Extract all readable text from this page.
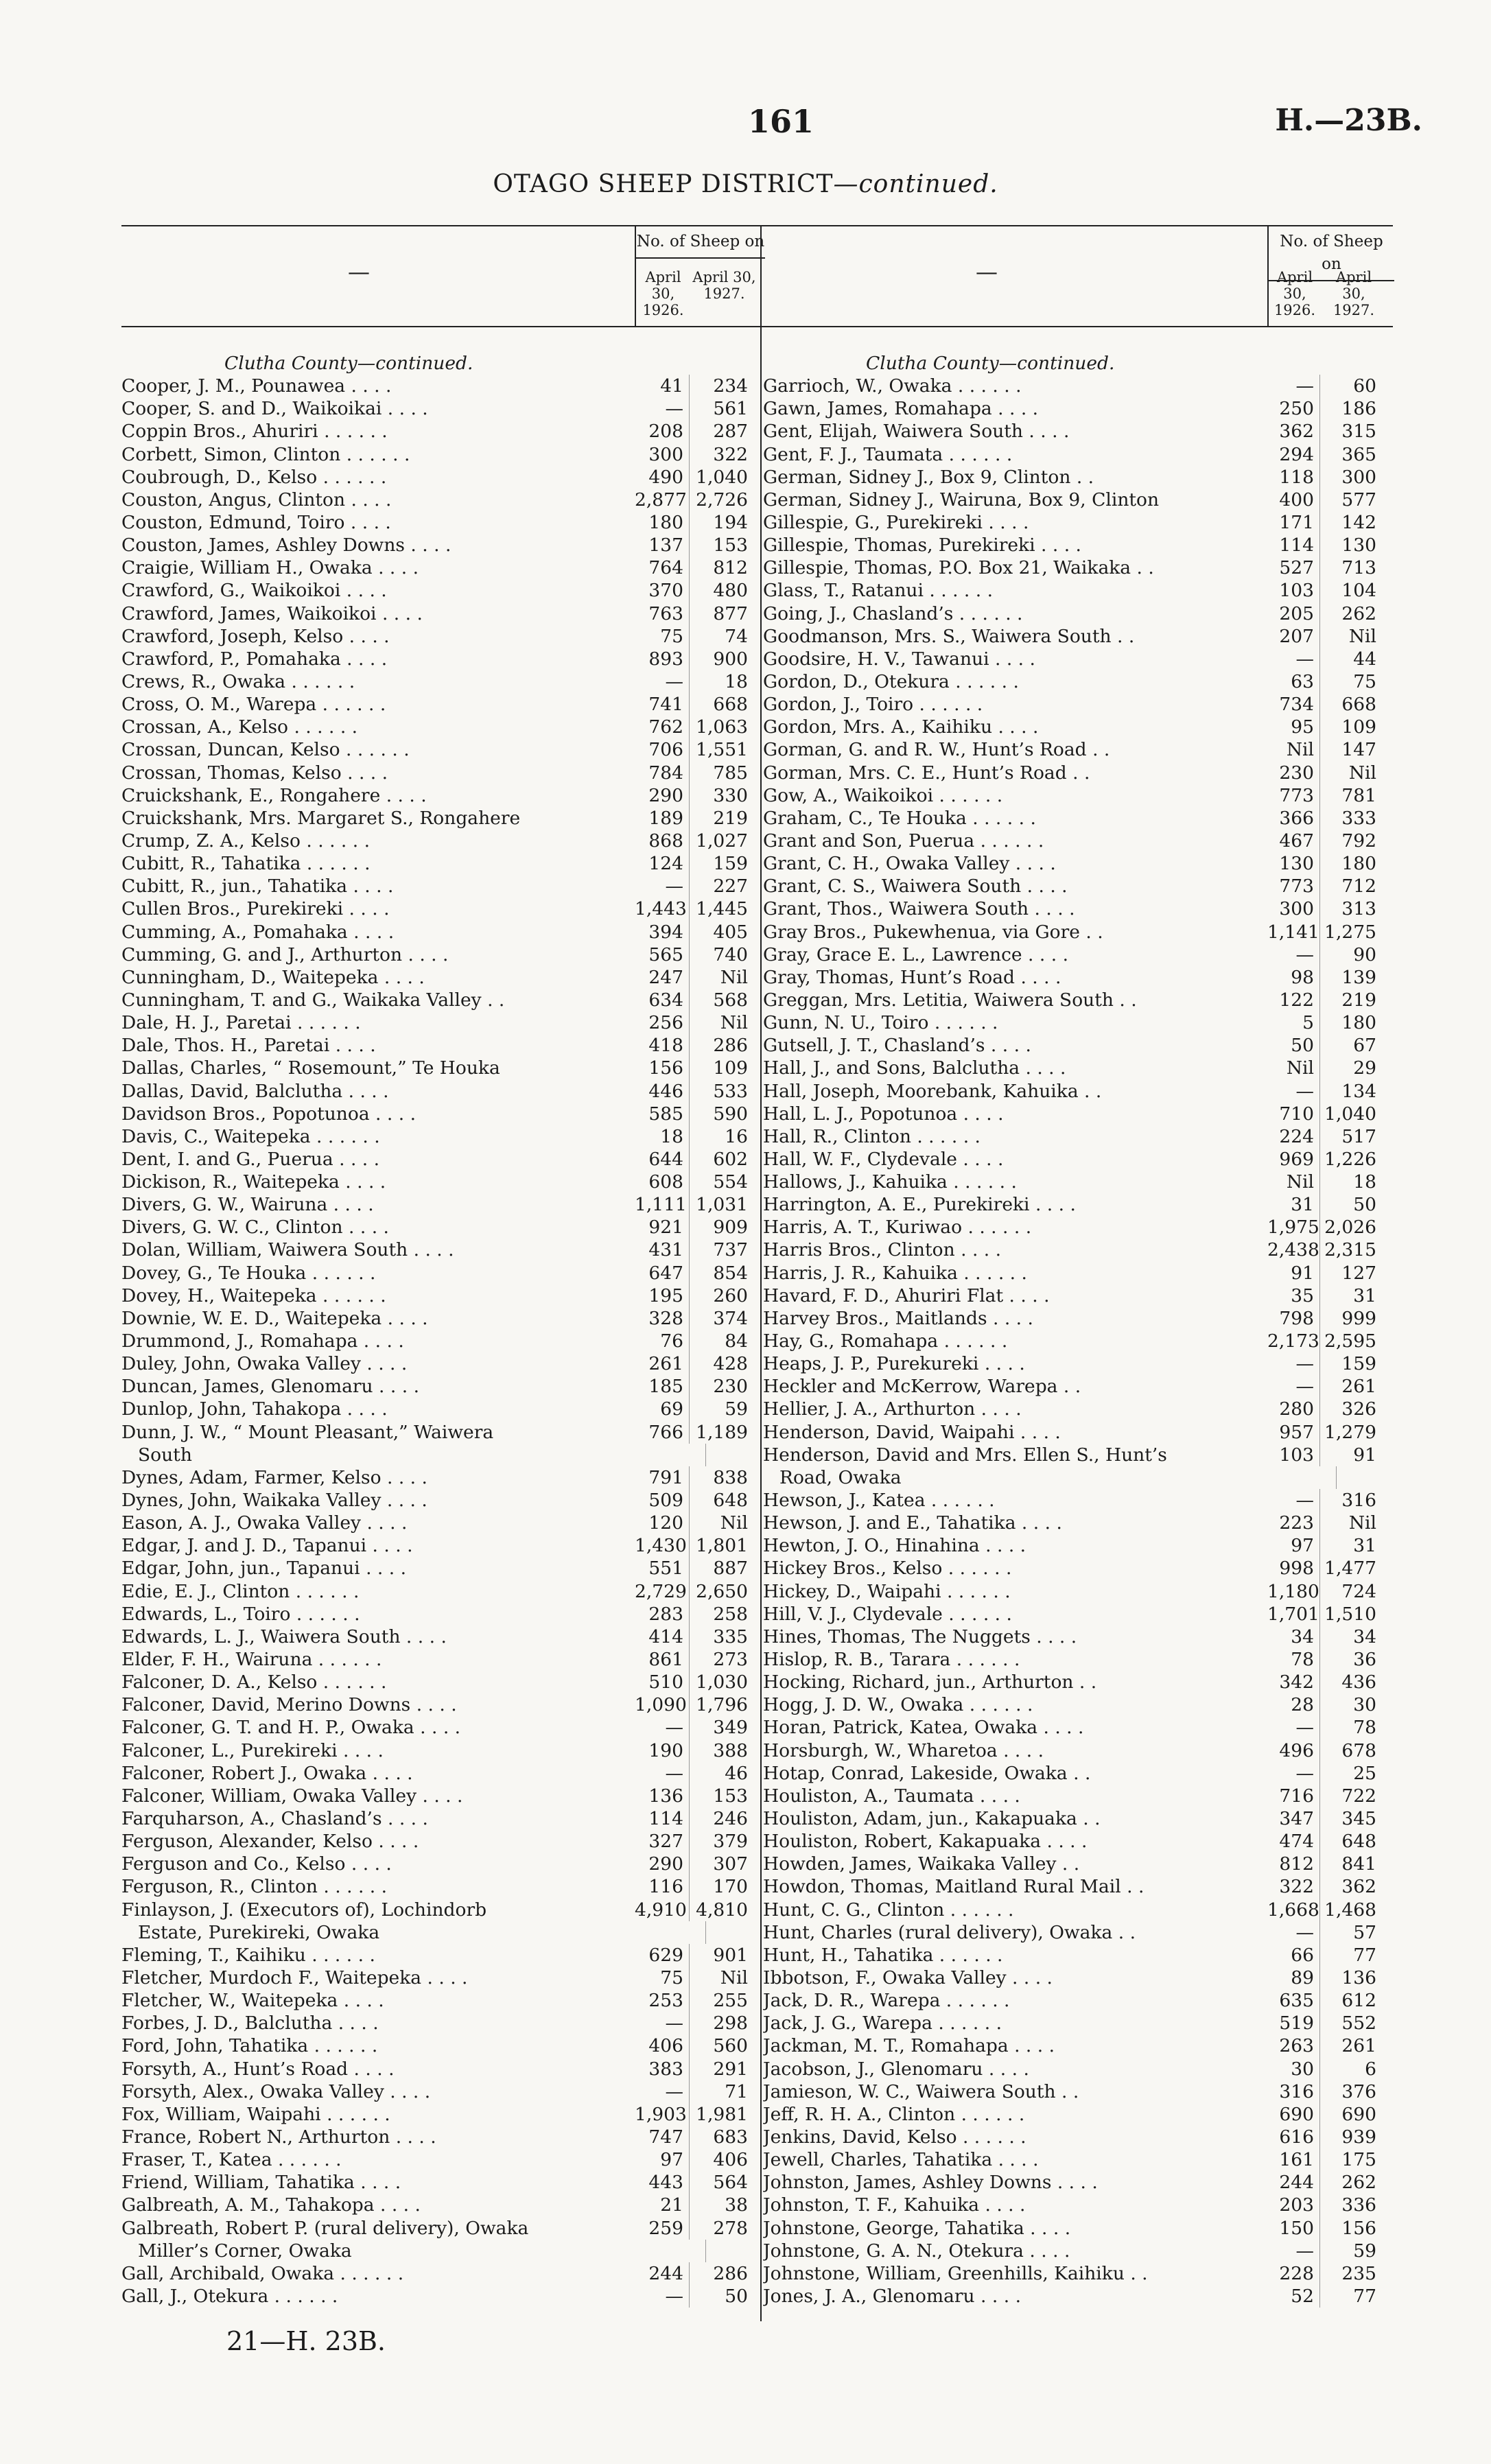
161	H.—23B.
OTAGO SHEEP DISTRICT—continued.
—
No. of Sheep on
April 30, 1926.
April 30, 1927.
Clutha County—continued.
Cooper, J. M., Pounawea . . . .	41	234
Cooper, S. and D., Waikoikai . . . .	—	561
Coppin Bros., Ahuriri . . . . . .	208	287
Corbett, Simon, Clinton . . . . . .	300	322
Coubrough, D., Kelso . . . . . .	490 1,040
Couston, Angus, Clinton . . . .	2,877 2,726
Couston, Edmund, Toiro . . . .	180	194
Couston, James, Ashley Downs . . . .	137	153
Craigie, William H., Owaka . . . .	764	812
Crawford, G., Waikoikoi . . . .	370	480
Crawford, James, Waikoikoi . . . .	763	877
Crawford, Joseph, Kelso . . . .	75	74
Crawford, P., Pomahaka . . . .	893	900
Crews, R., Owaka . . . . . .	—	18
Cross, O. M., Warepa . . . . . .	741	668
Crossan, A., Kelso . . . . . .	762 1,063
Crossan, Duncan, Kelso . . . . . .	706 1,551
Crossan, Thomas, Kelso . . . .	784	785
Cruickshank, E., Rongahere . . . .	290	330
Cruickshank, Mrs. Margaret S., Rongahere	189	219
Crump, Z. A., Kelso . . . . . .	868 1,027
Cubitt, R., Tahatika . . . . . .	124	159
Cubitt, R., jun., Tahatika . . . .	—	227
Cullen Bros., Purekireki . . . .	1,443 1,445
Cumming, A., Pomahaka . . . .	394	405
Cumming, G. and J., Arthurton . . . .	565	740
Cunningham, D., Waitepeka . . . .	247	Nil
Cunningham, T. and G., Waikaka Valley . .	634	568
Dale, H. J., Paretai . . . . . .	256	Nil
Dale, Thos. H., Paretai . . . .	418	286
Dallas, Charles, “ Rosemount,” Te Houka	156	109
Dallas, David, Balclutha . . . .	446	533
Davidson Bros., Popotunoa . . . .	585	590
Davis, C., Waitepeka . . . . . .	18	16
Dent, I. and G., Puerua . . . .	644	602
Dickison, R., Waitepeka . . . .	608	554
Divers, G. W., Wairuna . . . .	1,111 1,031
Divers, G. W. C., Clinton . . . .	921	909
Dolan, William, Waiwera South . . . .	431	737
Dovey, G., Te Houka . . . . . .	647	854
Dovey, H., Waitepeka . . . . . .	195	260
Downie, W. E. D., Waitepeka . . . .	328	374
Drummond, J., Romahapa . . . .	76	84
Duley, John, Owaka Valley . . . .	261	428
Duncan, James, Glenomaru . . . .	185	230
Dunlop, John, Tahakopa . . . .	69	59
Dunn, J. W., “ Mount Pleasant,” Waiwera	766 1,189
South
Dynes, Adam, Farmer, Kelso . . . .	791	838
Dynes, John, Waikaka Valley . . . .	509	648
Eason, A. J., Owaka Valley . . . .	120	Nil
Edgar, J. and J. D., Tapanui . . . .	1,430 1,801
Edgar, John, jun., Tapanui . . . .	551	887
Edie, E. J., Clinton . . . . . .	2,729 2,650
Edwards, L., Toiro . . . . . .	283	258
Edwards, L. J., Waiwera South . . . .	414	335
Elder, F. H., Wairuna . . . . . .	861	273
Falconer, D. A., Kelso . . . . . .	510 1,030
Falconer, David, Merino Downs . . . .	1,090 1,796
Falconer, G. T. and H. P., Owaka . . . .	—	349
Falconer, L., Purekireki . . . .	190	388
Falconer, Robert J., Owaka . . . .	—	46
Falconer, William, Owaka Valley . . . .	136	153
Farquharson, A., Chasland’s . . . .	114	246
Ferguson, Alexander, Kelso . . . .	327	379
Ferguson and Co., Kelso . . . .	290	307
Ferguson, R., Clinton . . . . . .	116	170
Finlayson, J. (Executors of), Lochindorb	4,910 4,810
Estate, Purekireki, Owaka
Fleming, T., Kaihiku . . . . . .	629	901
Fletcher, Murdoch F., Waitepeka . . . .	75	Nil
Fletcher, W., Waitepeka . . . .	253	255
Forbes, J. D., Balclutha . . . .	—	298
Ford, John, Tahatika . . . . . .	406	560
Forsyth, A., Hunt’s Road . . . .	383	291
Forsyth, Alex., Owaka Valley . . . .	—	71
Fox, William, Waipahi . . . . . .	1,903 1,981
France, Robert N., Arthurton . . . .	747	683
Fraser, T., Katea . . . . . .	97	406
Friend, William, Tahatika . . . .	443	564
Galbreath, A. M., Tahakopa . . . .	21	38
Galbreath, Robert P. (rural delivery), Owaka	259	278
Miller’s Corner, Owaka
Gall, Archibald, Owaka . . . . . .	244	286
Gall, J., Otekura . . . . . .	—	50
—
No. of Sheep on
April 30, 1926.
April 30, 1927.
Clutha County—continued.
Garrioch, W., Owaka . . . . . .	—	60
Gawn, James, Romahapa . . . .	250	186
Gent, Elijah, Waiwera South . . . .	362	315
Gent, F. J., Taumata . . . . . .	294	365
German, Sidney J., Box 9, Clinton . .	118	300
German, Sidney J., Wairuna, Box 9, Clinton	400	577
Gillespie, G., Purekireki . . . .	171	142
Gillespie, Thomas, Purekireki . . . .	114	130
Gillespie, Thomas, P.O. Box 21, Waikaka . .	527	713
Glass, T., Ratanui . . . . . .	103	104
Going, J., Chasland’s . . . . . .	205	262
Goodmanson, Mrs. S., Waiwera South . .	207	Nil
Goodsire, H. V., Tawanui . . . .	—	44
Gordon, D., Otekura . . . . . .	63	75
Gordon, J., Toiro . . . . . .	734	668
Gordon, Mrs. A., Kaihiku . . . .	95	109
Gorman, G. and R. W., Hunt’s Road . .	Nil	147
Gorman, Mrs. C. E., Hunt’s Road . .	230	Nil
Gow, A., Waikoikoi . . . . . .	773	781
Graham, C., Te Houka . . . . . .	366	333
Grant and Son, Puerua . . . . . .	467	792
Grant, C. H., Owaka Valley . . . .	130	180
Grant, C. S., Waiwera South . . . .	773	712
Grant, Thos., Waiwera South . . . .	300	313
Gray Bros., Pukewhenua, via Gore . .	1,141 1,275
Gray, Grace E. L., Lawrence . . . .	—	90
Gray, Thomas, Hunt’s Road . . . .	98	139
Greggan, Mrs. Letitia, Waiwera South . .	122	219
Gunn, N. U., Toiro . . . . . .	5	180
Gutsell, J. T., Chasland’s . . . .	50	67
Hall, J., and Sons, Balclutha . . . .	Nil	29
Hall, Joseph, Moorebank, Kahuika . .	—	134
Hall, L. J., Popotunoa . . . .	710 1,040
Hall, R., Clinton . . . . . .	224	517
Hall, W. F., Clydevale . . . .	969 1,226
Hallows, J., Kahuika . . . . . .	Nil	18
Harrington, A. E., Purekireki . . . .	31	50
Harris, A. T., Kuriwao . . . . . .	1,975 2,026
Harris Bros., Clinton . . . .	2,438 2,315
Harris, J. R., Kahuika . . . . . .	91	127
Havard, F. D., Ahuriri Flat . . . .	35	31
Harvey Bros., Maitlands . . . .	798	999
Hay, G., Romahapa . . . . . .	2,173 2,595
Heaps, J. P., Purekureki . . . .	—	159
Heckler and McKerrow, Warepa . .	—	261
Hellier, J. A., Arthurton . . . .	280	326
Henderson, David, Waipahi . . . .	957 1,279
Henderson, David and Mrs. Ellen S., Hunt’s	103	91
Road, Owaka
Hewson, J., Katea . . . . . .	—	316
Hewson, J. and E., Tahatika . . . .	223	Nil
Hewton, J. O., Hinahina . . . .	97	31
Hickey Bros., Kelso . . . . . .	998 1,477
Hickey, D., Waipahi . . . . . .	1,180	724
Hill, V. J., Clydevale . . . . . .	1,701 1,510
Hines, Thomas, The Nuggets . . . .	34	34
Hislop, R. B., Tarara . . . . . .	78	36
Hocking, Richard, jun., Arthurton . .	342	436
Hogg, J. D. W., Owaka . . . . . .	28	30
Horan, Patrick, Katea, Owaka . . . .	—	78
Horsburgh, W., Wharetoa . . . .	496	678
Hotap, Conrad, Lakeside, Owaka . .	—	25
Houliston, A., Taumata . . . .	716	722
Houliston, Adam, jun., Kakapuaka . .	347	345
Houliston, Robert, Kakapuaka . . . .	474	648
Howden, James, Waikaka Valley . .	812	841
Howdon, Thomas, Maitland Rural Mail . .	322	362
Hunt, C. G., Clinton . . . . . .	1,668 1,468
Hunt, Charles (rural delivery), Owaka . .	—	57
Hunt, H., Tahatika . . . . . .	66	77
Ibbotson, F., Owaka Valley . . . .	89	136
Jack, D. R., Warepa . . . . . .	635	612
Jack, J. G., Warepa . . . . . .	519	552
Jackman, M. T., Romahapa . . . .	263	261
Jacobson, J., Glenomaru . . . .	30	6
Jamieson, W. C., Waiwera South . .	316	376
Jeff, R. H. A., Clinton . . . . . .	690	690
Jenkins, David, Kelso . . . . . .	616	939
Jewell, Charles, Tahatika . . . .	161	175
Johnston, James, Ashley Downs . . . .	244	262
Johnston, T. F., Kahuika . . . .	203	336
Johnstone, George, Tahatika . . . .	150	156
Johnstone, G. A. N., Otekura . . . .	—	59
Johnstone, William, Greenhills, Kaihiku . .	228	235
Jones, J. A., Glenomaru . . . .	52	77
21—H. 23B.
